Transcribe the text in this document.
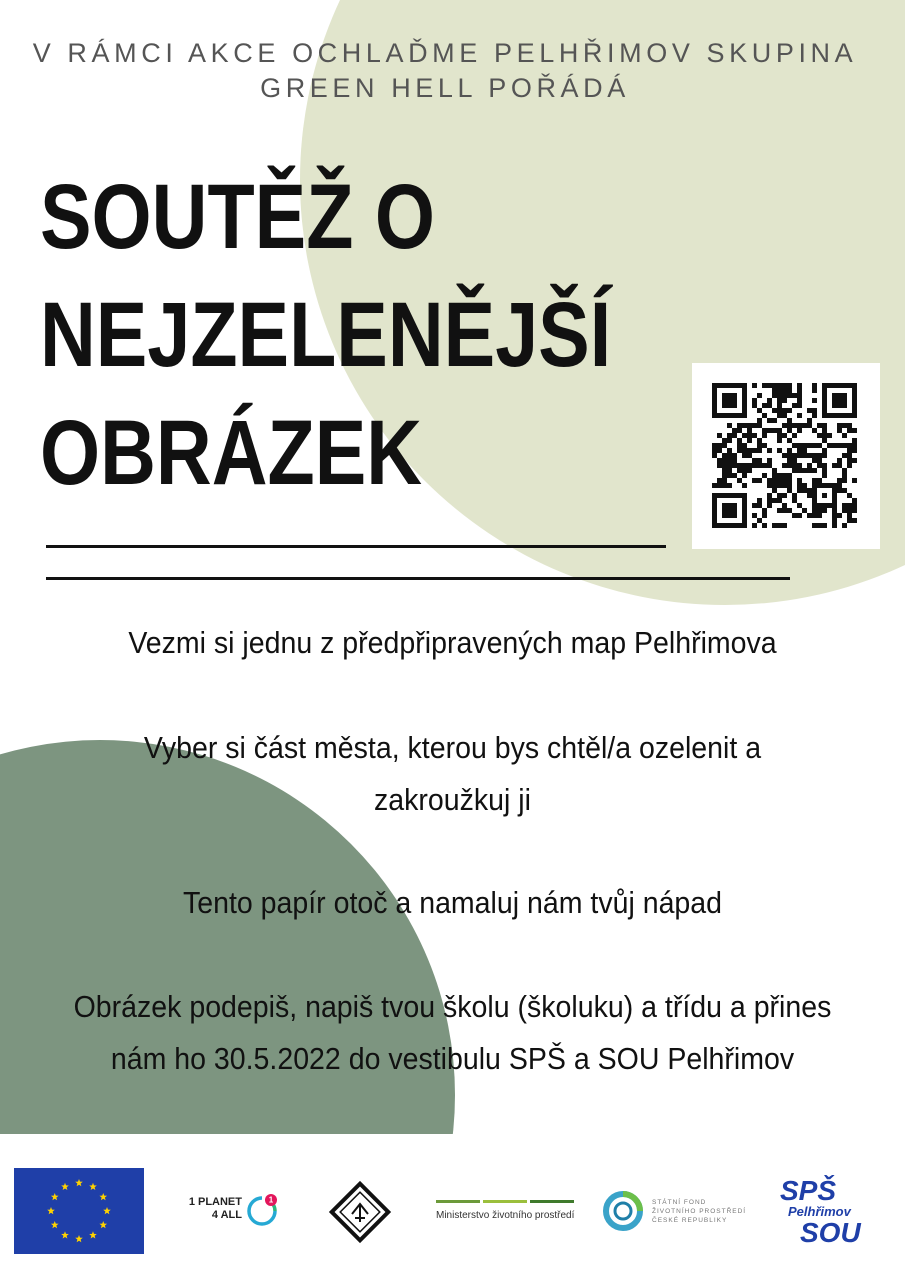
V RÁMCI AKCE OCHLAĎME PELHŘIMOV SKUPINA
GREEN HELL POŘÁDÁ
SOUTĚŽ O
NEJZELENĚJŠÍ
OBRÁZEK
Vezmi si jednu z předpřipravených map Pelhřimova
Vyber si část města, kterou bys chtěl/a ozelenit a
zakroužkuj ji
Tento papír otoč a namaluj nám tvůj nápad
Obrázek podepiš, napiš tvou školu (školuku) a třídu a přines
nám ho 30.5.2022 do vestibulu SPŠ a SOU Pelhřimov
1 PLANET
4 ALL
1
Ministerstvo životního prostředí
STÁTNÍ FOND
ŽIVOTNÍHO PROSTŘEDÍ
ČESKÉ REPUBLIKY
SPŠ
Pelhřimov
SOU
